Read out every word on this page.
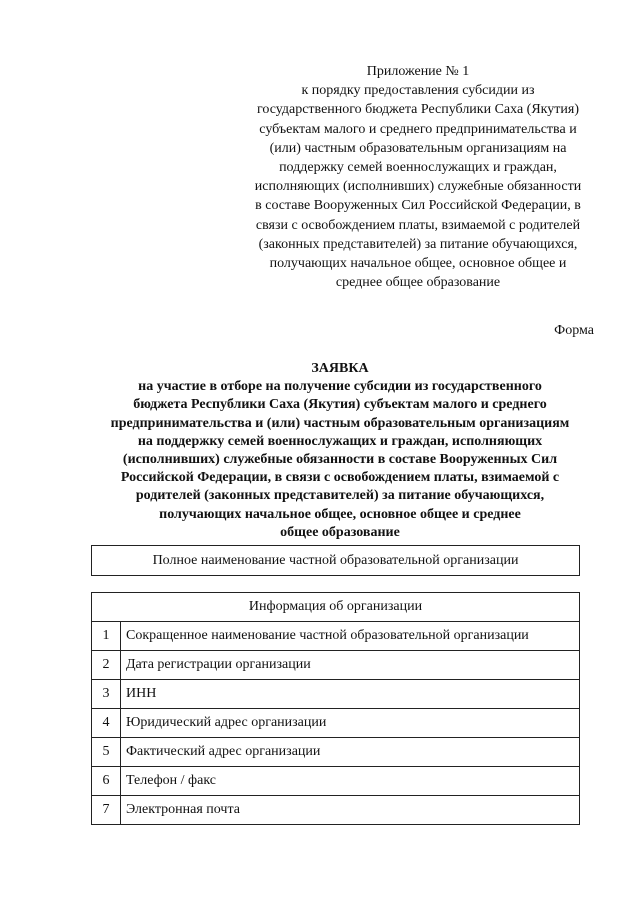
Приложение № 1
к порядку предоставления субсидии из
государственного бюджета Республики Саха (Якутия)
субъектам малого и среднего предпринимательства и
(или) частным образовательным организациям на
поддержку семей военнослужащих и граждан,
исполняющих (исполнивших) служебные обязанности
в составе Вооруженных Сил Российской Федерации, в
связи с освобождением платы, взимаемой с родителей
(законных представителей) за питание обучающихся,
получающих начальное общее, основное общее и
среднее общее образование
Форма
ЗАЯВКА
на участие в отборе на получение субсидии из государственного
бюджета Республики Саха (Якутия) субъектам малого и среднего
предпринимательства и (или) частным образовательным организациям
на поддержку семей военнослужащих и граждан, исполняющих
(исполнивших) служебные обязанности в составе Вооруженных Сил
Российской Федерации, в связи с освобождением платы, взимаемой с
родителей (законных представителей) за питание обучающихся,
получающих начальное общее, основное общее и среднее
общее образование
Полное наименование частной образовательной организации
Информация об организации	
1	Сокращенное наименование частной образовательной организации
2	Дата регистрации организации
3	ИНН
4	Юридический адрес организации
5	Фактический адрес организации
6	Телефон / факс
7	Электронная почта
